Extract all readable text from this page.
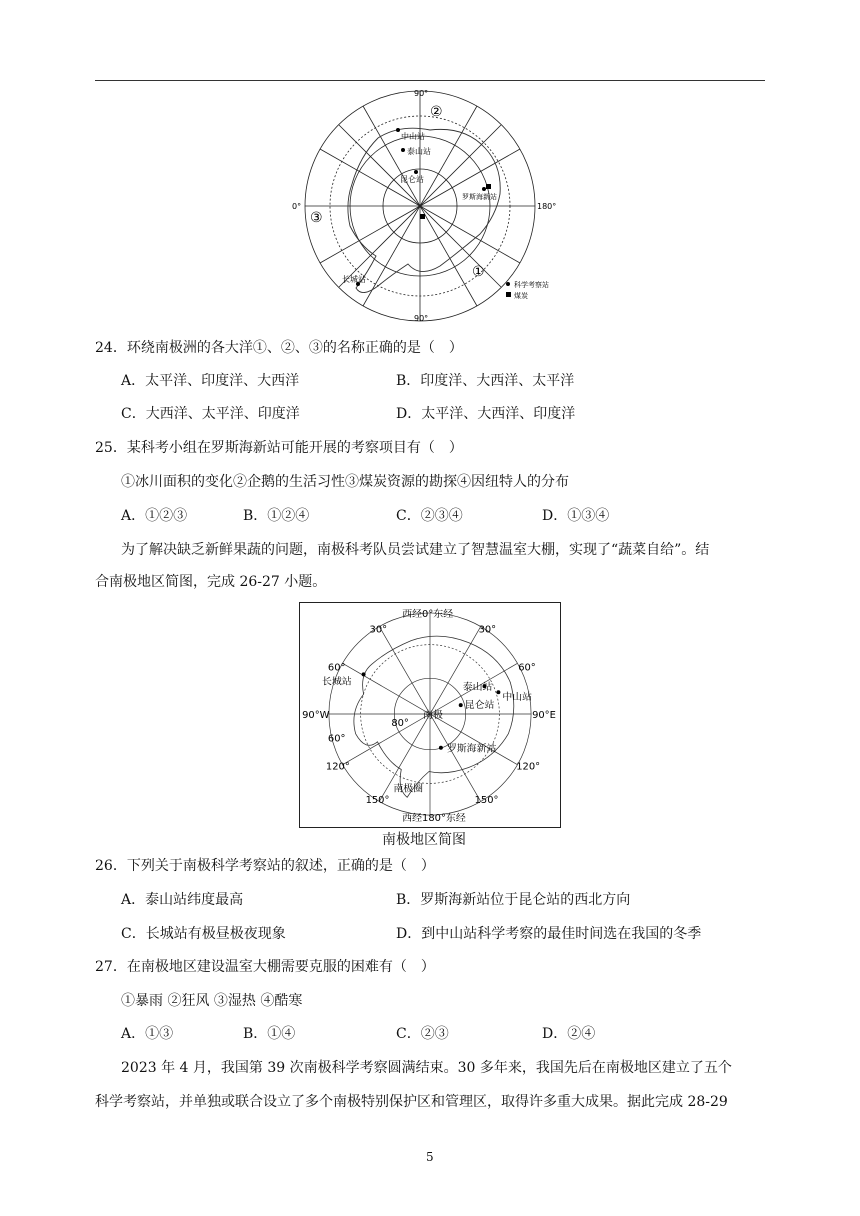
90°
0°	180°
90°
②
③
①
中山站
泰山站
昆仑站
罗斯海新站
长城站
科学考察站
煤炭
24．环绕南极洲的各大洋①、②、③的名称正确的是（　）
A．太平洋、印度洋、大西洋	B．印度洋、大西洋、太平洋
C．大西洋、太平洋、印度洋	D．太平洋、大西洋、印度洋
25．某科考小组在罗斯海新站可能开展的考察项目有（　）
①冰川面积的变化②企鹅的生活习性③煤炭资源的勘探④因纽特人的分布
A．①②③	B．①②④	C．②③④	D．①③④
为了解决缺乏新鲜果蔬的问题，南极科考队员尝试建立了智慧温室大棚，实现了“蔬菜自给”。结
合南极地区简图，完成 26-27 小题。
西经0°东经
西经180°东经
30°	30°
60°	60°
90°W	90°E
120°	120°
150°	150°
60°
80°
南极
南极圈
长城站
泰山站
中山站
昆仑站
罗斯海新站
南极地区简图
26．下列关于南极科学考察站的叙述，正确的是（　）
A．泰山站纬度最高	B．罗斯海新站位于昆仑站的西北方向
C．长城站有极昼极夜现象	D．到中山站科学考察的最佳时间选在我国的冬季
27．在南极地区建设温室大棚需要克服的困难有（　）
①暴雨 ②狂风 ③湿热 ④酷寒
A．①③	B．①④	C．②③	D．②④
2023 年 4 月，我国第 39 次南极科学考察圆满结束。30 多年来，我国先后在南极地区建立了五个
科学考察站，并单独或联合设立了多个南极特别保护区和管理区，取得许多重大成果。据此完成 28-29
5
